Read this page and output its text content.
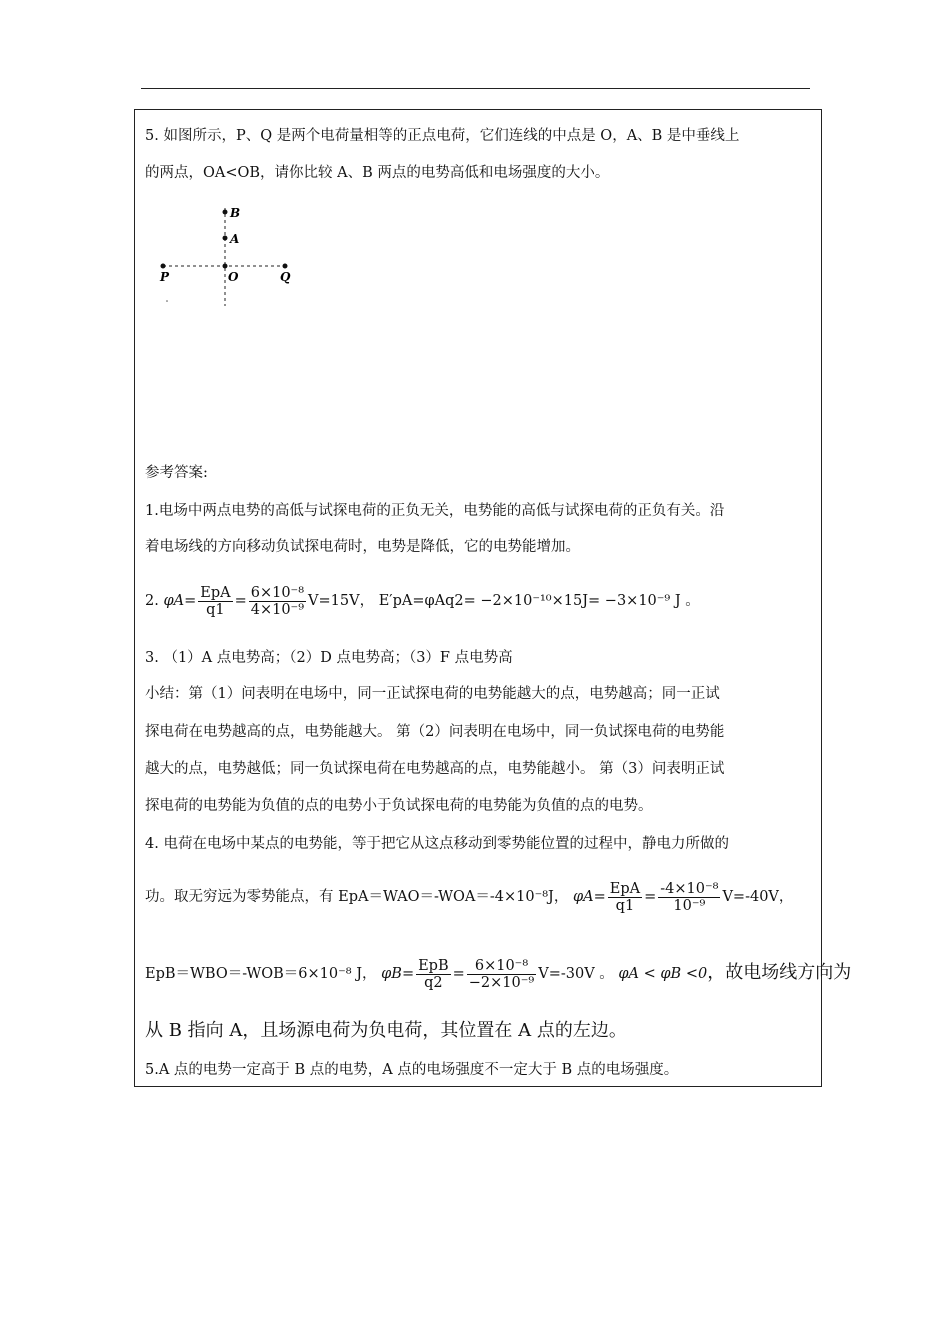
5. 如图所示，P、Q 是两个电荷量相等的正点电荷，它们连线的中点是 O，A、B 是中垂线上
的两点，OA<OB，请你比较 A、B 两点的电势高低和电场强度的大小。
B
A
O
P	Q
参考答案:
1.电场中两点电势的高低与试探电荷的正负无关，电势能的高低与试探电荷的正负有关。沿
着电场线的方向移动负试探电荷时，电势是降低，它的电势能增加。
2. $\varphi A= \frac{\text{EpA}}{q1} = \frac{\text{6×10⁻⁸}}{\text{4×10⁻⁹}} V=15V$， E′pA=φAq2= −2×10⁻¹⁰×15J= −3×10⁻⁹ J 。
3. （1）A 点电势高；（2）D 点电势高；（3）F 点电势高
小结：第（1）问表明在电场中，同一正试探电荷的电势能越大的点，电势越高；同一正试
探电荷在电势越高的点，电势能越大。 第（2）问表明在电场中，同一负试探电荷的电势能
越大的点，电势越低；同一负试探电荷在电势越高的点，电势能越小。 第（3）问表明正试
探电荷的电势能为负值的点的电势小于负试探电荷的电势能为负值的点的电势。
4. 电荷在电场中某点的电势能，等于把它从这点移动到零势能位置的过程中，静电力所做的
功。取无穷远为零势能点，有 EpA＝WAO＝-WOA＝-4×10⁻⁸J， $\varphi A= \frac{\text{EpA}}{q1} = \frac{\text{-4×10⁻⁸}}{\text{10⁻⁹}} V=-40V$，
EpB＝WBO＝-WOB＝6×10⁻⁸ J， $\varphi B= \frac{\text{EpB}}{q2} = \frac{\text{6×10⁻⁸}}{\text{−2×10⁻⁹}} V=-30V$ 。 φA < φB <0，故电场线方向为
从 B 指向 A，且场源电荷为负电荷，其位置在 A 点的左边。
5.A 点的电势一定高于 B 点的电势，A 点的电场强度不一定大于 B 点的电场强度。
